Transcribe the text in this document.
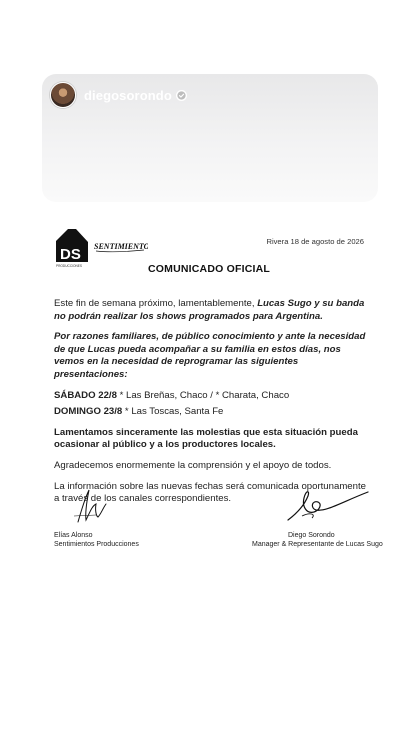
diegosorondo
DS
PRODUCCIONES
SENTIMIENTOS
Rivera 18 de agosto de 2026
COMUNICADO OFICIAL

Este fin de semana próximo, lamentablemente, Lucas Sugo y su banda no podrán realizar los shows programados para Argentina.

Por razones familiares, de público conocimiento y ante la necesidad de que Lucas pueda acompañar a su familia en estos días, nos vemos en la necesidad de reprogramar las siguientes presentaciones:

SÁBADO 22/8 * Las Breñas, Chaco / * Charata, Chaco

DOMINGO 23/8 * Las Toscas, Santa Fe

Lamentamos sinceramente las molestias que esta situación pueda ocasionar al público y a los productores locales.

Agradecemos enormemente la comprensión y el apoyo de todos.

La información sobre las nuevas fechas será comunicada oportunamente a través de los canales correspondientes.

Elías Alonso
Sentimientos Producciones
Diego Sorondo
Manager & Representante de Lucas Sugo
